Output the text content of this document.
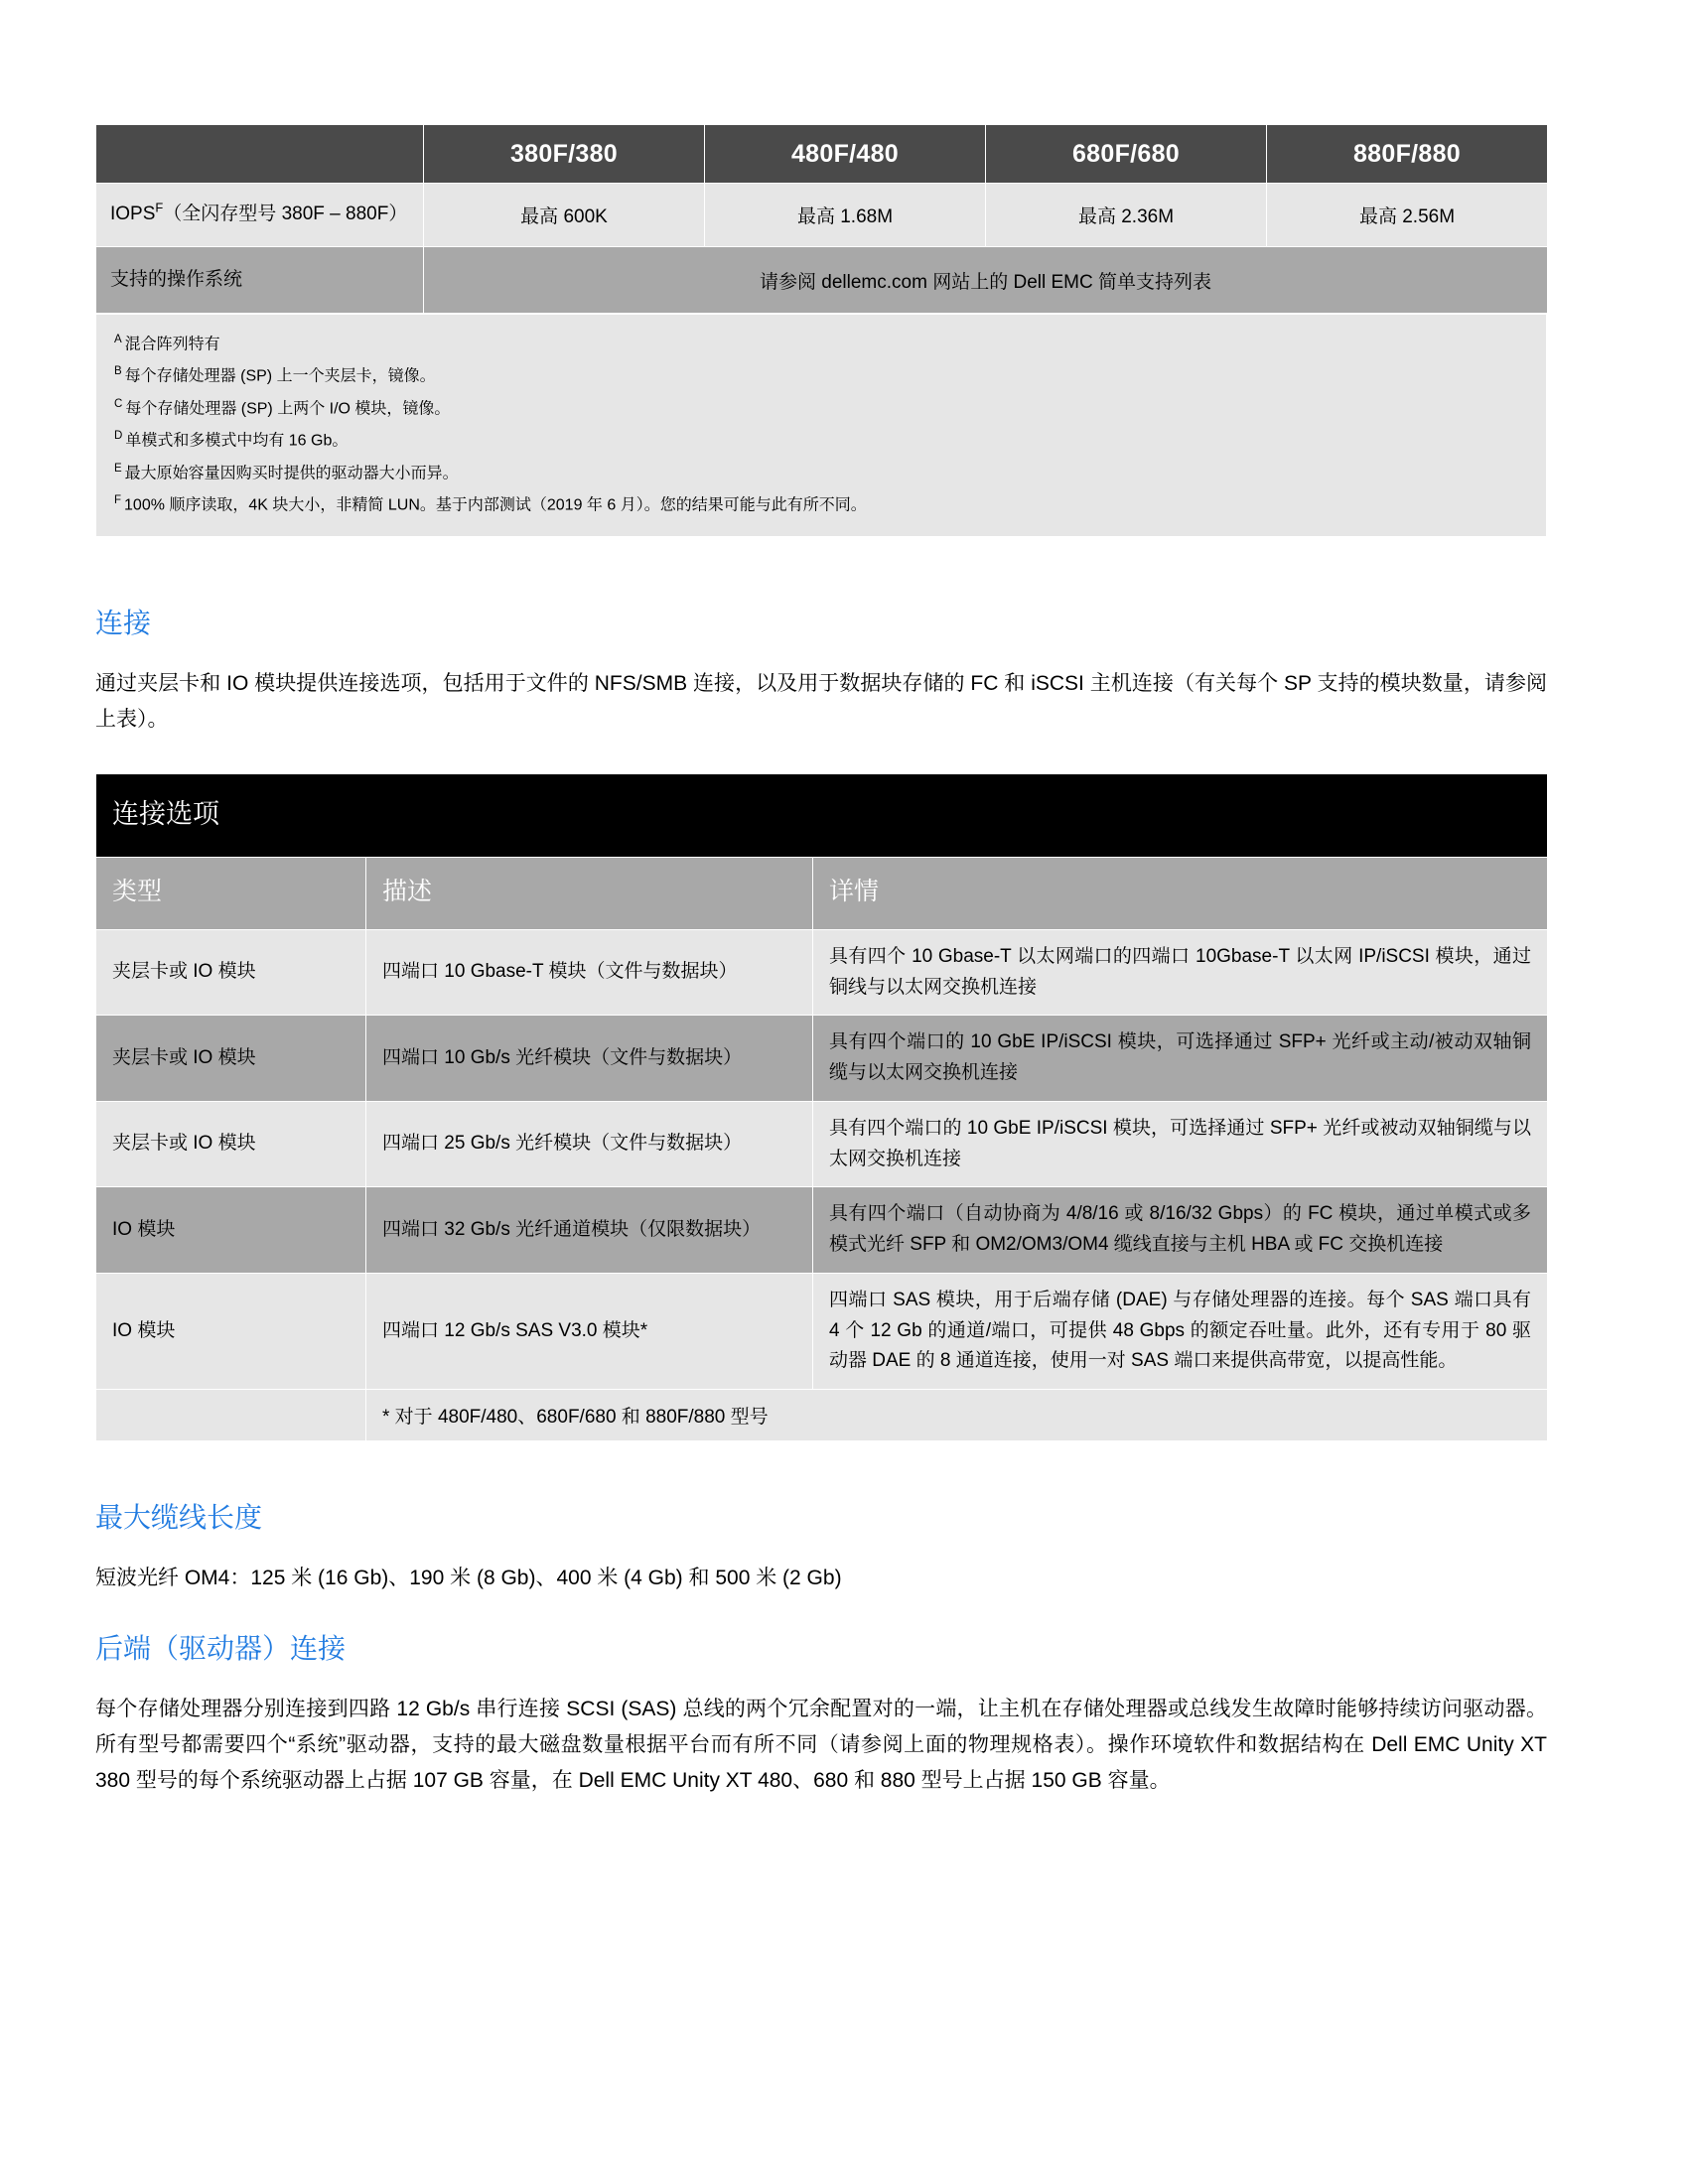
	380F/380	480F/480	680F/680	880F/880
IOPS$^F$（全闪存型号 380F – 880F）	最高 600K	最高 1.68M	最高 2.36M	最高 2.56M
支持的操作系统	请参阅 dellemc.com 网站上的 Dell EMC 简单支持列表			
$^A$ 混合阵列特有
$^B$ 每个存储处理器 (SP) 上一个夹层卡，镜像。
$^C$ 每个存储处理器 (SP) 上两个 I/O 模块，镜像。
$^D$ 单模式和多模式中均有 16 Gb。
$^E$ 最大原始容量因购买时提供的驱动器大小而异。
$^F$ 100% 顺序读取，4K 块大小，非精简 LUN。基于内部测试（2019 年 6 月）。您的结果可能与此有所不同。
连接

通过夹层卡和 IO 模块提供连接选项，包括用于文件的 NFS/SMB 连接，以及用于数据块存储的 FC 和 iSCSI 主机连接（有关每个 SP 支持的模块数量，请参阅上表）。

连接选项		
类型	描述	详情
夹层卡或 IO 模块	四端口 10 Gbase-T 模块（文件与数据块）	具有四个 10 Gbase-T 以太网端口的四端口 10Gbase-T 以太网 IP/iSCSI 模块，通过铜线与以太网交换机连接
夹层卡或 IO 模块	四端口 10 Gb/s 光纤模块（文件与数据块）	具有四个端口的 10 GbE IP/iSCSI 模块，可选择通过 SFP+ 光纤或主动/被动双轴铜缆与以太网交换机连接
夹层卡或 IO 模块	四端口 25 Gb/s 光纤模块（文件与数据块）	具有四个端口的 10 GbE IP/iSCSI 模块，可选择通过 SFP+ 光纤或被动双轴铜缆与以太网交换机连接
IO 模块	四端口 32 Gb/s 光纤通道模块（仅限数据块）	具有四个端口（自动协商为 4/8/16 或 8/16/32 Gbps）的 FC 模块，通过单模式或多模式光纤 SFP 和 OM2/OM3/OM4 缆线直接与主机 HBA 或 FC 交换机连接
IO 模块	四端口 12 Gb/s SAS V3.0 模块*	四端口 SAS 模块，用于后端存储 (DAE) 与存储处理器的连接。每个 SAS 端口具有 4 个 12 Gb 的通道/端口，可提供 48 Gbps 的额定吞吐量。此外，还有专用于 80 驱动器 DAE 的 8 通道连接，使用一对 SAS 端口来提供高带宽，以提高性能。
	* 对于 480F/480、680F/680 和 880F/880 型号	
最大缆线长度

短波光纤 OM4：125 米 (16 Gb)、190 米 (8 Gb)、400 米 (4 Gb) 和 500 米 (2 Gb)

后端（驱动器）连接

每个存储处理器分别连接到四路 12 Gb/s 串行连接 SCSI (SAS) 总线的两个冗余配置对的一端，让主机在存储处理器或总线发生故障时能够持续访问驱动器。所有型号都需要四个“系统”驱动器，支持的最大磁盘数量根据平台而有所不同（请参阅上面的物理规格表）。操作环境软件和数据结构在 Dell EMC Unity XT 380 型号的每个系统驱动器上占据 107 GB 容量，在 Dell EMC Unity XT 480、680 和 880 型号上占据 150 GB 容量。
